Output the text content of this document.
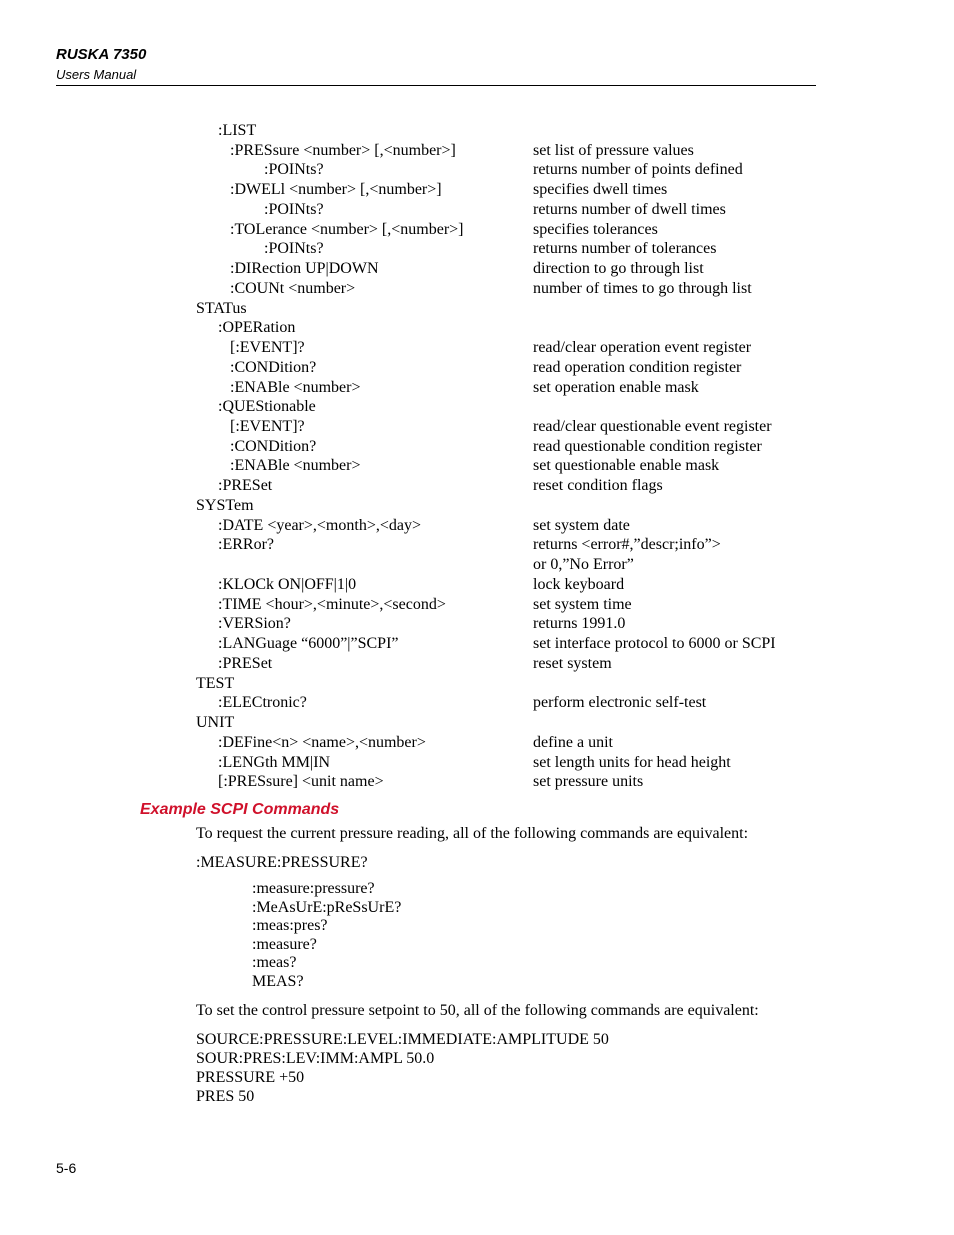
RUSKA 7350
Users Manual
:LIST
:PRESsure <number> [,<number>]	set list of pressure values
:POINts?	returns number of points defined
:DWELl <number> [,<number>]	specifies dwell times
:POINts?	returns number of dwell times
:TOLerance <number> [,<number>]	specifies tolerances
:POINts?	returns number of tolerances
:DIRection UP|DOWN	direction to go through list
:COUNt <number>	number of times to go through list
STATus
:OPERation
[:EVENT]?	read/clear operation event register
:CONDition?	read operation condition register
:ENABle <number>	set operation enable mask
:QUEStionable
[:EVENT]?	read/clear questionable event register
:CONDition?	read questionable condition register
:ENABle <number>	set questionable enable mask
:PRESet	reset condition flags
SYSTem
:DATE <year>,<month>,<day>	set system date
:ERRor?	returns <error#,”descr;info”>
or 0,”No Error”
:KLOCk ON|OFF|1|0	lock keyboard
:TIME <hour>,<minute>,<second>	set system time
:VERSion?	returns 1991.0
:LANGuage “6000”|”SCPI”	set interface protocol to 6000 or SCPI
:PRESet	reset system
TEST
:ELECtronic?	perform electronic self-test
UNIT
:DEFine<n> <name>,<number>	define a unit
:LENGth MM|IN	set length units for head height
[:PRESsure] <unit name>	set pressure units
Example SCPI Commands
To request the current pressure reading, all of the following commands are equivalent:
:MEASURE:PRESSURE?
:measure:pressure?
:MeAsUrE:pReSsUrE?
:meas:pres?
:measure?
:meas?
MEAS?
To set the control pressure setpoint to 50, all of the following commands are equivalent:
SOURCE:PRESSURE:LEVEL:IMMEDIATE:AMPLITUDE 50
SOUR:PRES:LEV:IMM:AMPL 50.0
PRESSURE +50
PRES 50
5-6
